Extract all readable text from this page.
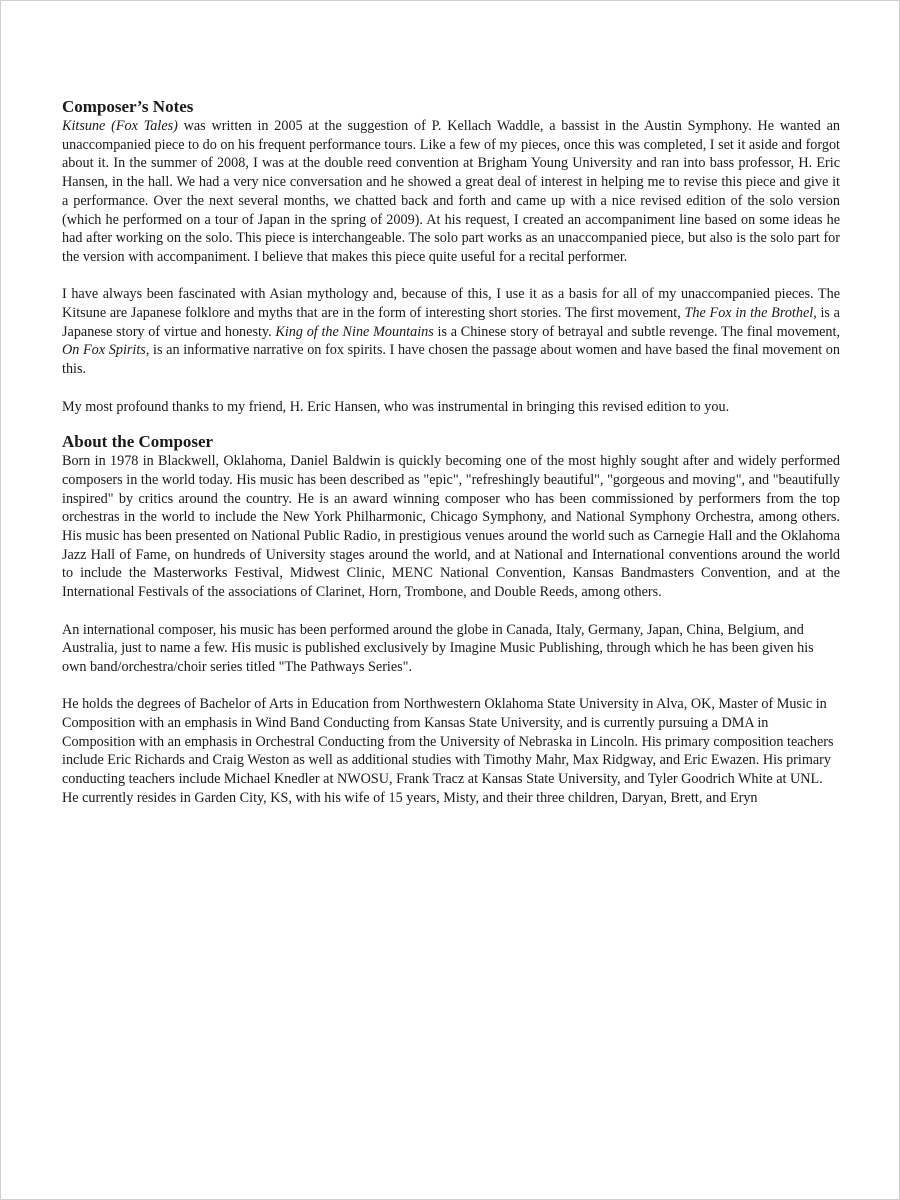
Composer’s Notes

Kitsune (Fox Tales) was written in 2005 at the suggestion of P. Kellach Waddle, a bassist in the Austin Symphony. He wanted an unaccompanied piece to do on his frequent performance tours. Like a few of my pieces, once this was completed, I set it aside and forgot about it. In the summer of 2008, I was at the double reed convention at Brigham Young University and ran into bass professor, H. Eric Hansen, in the hall. We had a very nice conversation and he showed a great deal of interest in helping me to revise this piece and give it a performance. Over the next several months, we chatted back and forth and came up with a nice revised edition of the solo version (which he performed on a tour of Japan in the spring of 2009). At his request, I created an accompaniment line based on some ideas he had after working on the solo. This piece is interchangeable. The solo part works as an unaccompanied piece, but also is the solo part for the version with accompaniment. I believe that makes this piece quite useful for a recital performer.

I have always been fascinated with Asian mythology and, because of this, I use it as a basis for all of my unaccompanied pieces. The Kitsune are Japanese folklore and myths that are in the form of interesting short stories. The first movement, The Fox in the Brothel, is a Japanese story of virtue and honesty. King of the Nine Mountains is a Chinese story of betrayal and subtle revenge. The final movement, On Fox Spirits, is an informative narrative on fox spirits. I have chosen the passage about women and have based the final movement on this.

My most profound thanks to my friend, H. Eric Hansen, who was instrumental in bringing this revised edition to you.

About the Composer

Born in 1978 in Blackwell, Oklahoma, Daniel Baldwin is quickly becoming one of the most highly sought after and widely performed composers in the world today. His music has been described as "epic", "refreshingly beautiful", "gorgeous and moving", and "beautifully inspired" by critics around the country. He is an award winning composer who has been commissioned by performers from the top orchestras in the world to include the New York Philharmonic, Chicago Symphony, and National Symphony Orchestra, among others. His music has been presented on National Public Radio, in prestigious venues around the world such as Carnegie Hall and the Oklahoma Jazz Hall of Fame, on hundreds of University stages around the world, and at National and International conventions around the world to include the Masterworks Festival, Midwest Clinic, MENC National Convention, Kansas Bandmasters Convention, and at the International Festivals of the associations of Clarinet, Horn, Trombone, and Double Reeds, among others.

An international composer, his music has been performed around the globe in Canada, Italy, Germany, Japan, China, Belgium, and Australia, just to name a few. His music is published exclusively by Imagine Music Publishing, through which he has been given his own band/orchestra/choir series titled "The Pathways Series".

He holds the degrees of Bachelor of Arts in Education from Northwestern Oklahoma State University in Alva, OK, Master of Music in Composition with an emphasis in Wind Band Conducting from Kansas State University, and is currently pursuing a DMA in Composition with an emphasis in Orchestral Conducting from the University of Nebraska in Lincoln. His primary composition teachers include Eric Richards and Craig Weston as well as additional studies with Timothy Mahr, Max Ridgway, and Eric Ewazen. His primary conducting teachers include Michael Knedler at NWOSU, Frank Tracz at Kansas State University, and Tyler Goodrich White at UNL. He currently resides in Garden City, KS, with his wife of 15 years, Misty, and their three children, Daryan, Brett, and Eryn
